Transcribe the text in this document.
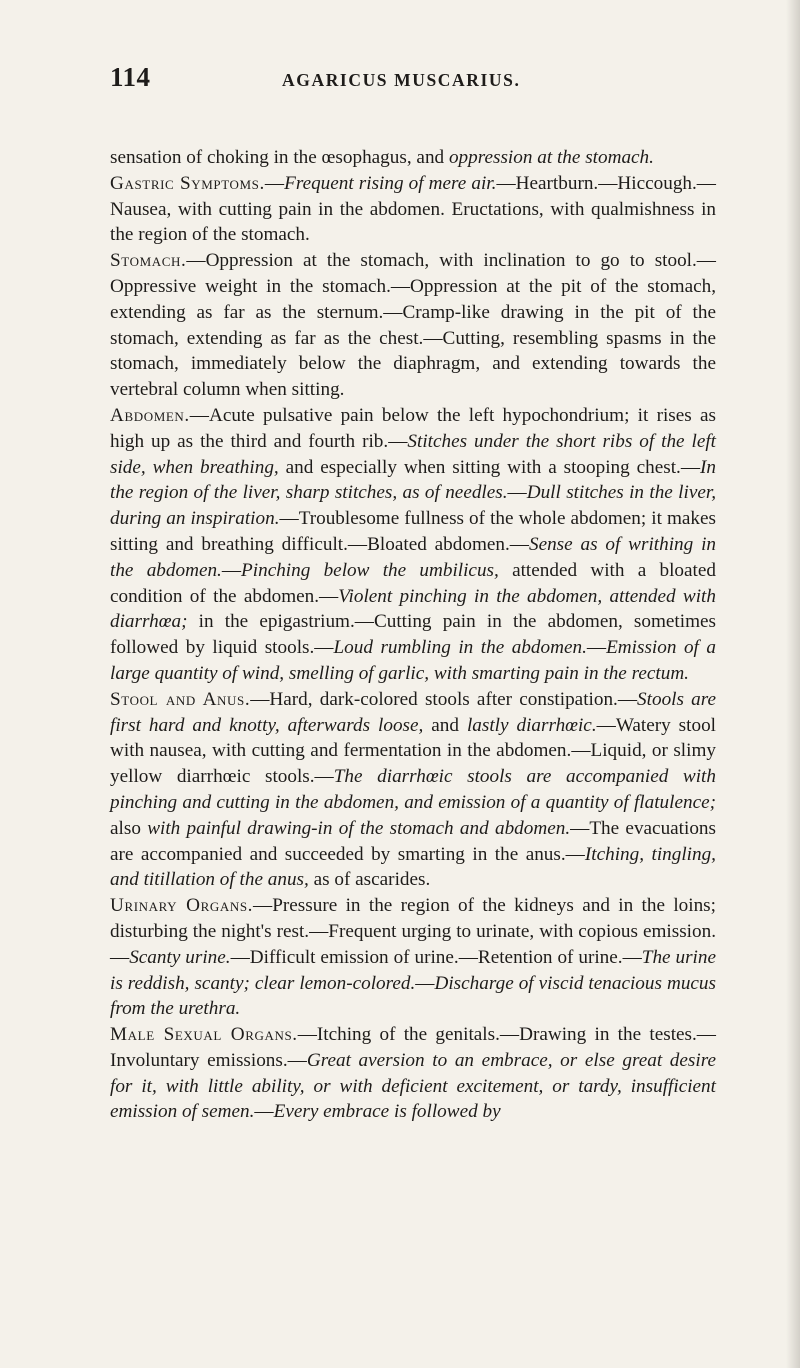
114	AGARICUS MUSCARIUS.

sensation of choking in the œsophagus, and oppression at the stomach.

Gastric Symptoms.—Frequent rising of mere air.—Heartburn.—Hiccough.—Nausea, with cutting pain in the abdomen. Eructations, with qualmishness in the region of the stomach.

Stomach.—Oppression at the stomach, with inclination to go to stool.—Oppressive weight in the stomach.—Oppression at the pit of the stomach, extending as far as the sternum.—Cramp-like drawing in the pit of the stomach, extending as far as the chest.—Cutting, resembling spasms in the stomach, immediately below the diaphragm, and extending towards the vertebral column when sitting.

Abdomen.—Acute pulsative pain below the left hypochondrium; it rises as high up as the third and fourth rib.—Stitches under the short ribs of the left side, when breathing, and especially when sitting with a stooping chest.—In the region of the liver, sharp stitches, as of needles.—Dull stitches in the liver, during an inspiration.—Troublesome fullness of the whole abdomen; it makes sitting and breathing difficult.—Bloated abdomen.—Sense as of writhing in the abdomen.—Pinching below the umbilicus, attended with a bloated condition of the abdomen.—Violent pinching in the abdomen, attended with diarrhœa; in the epigastrium.—Cutting pain in the abdomen, sometimes followed by liquid stools.—Loud rumbling in the abdomen.—Emission of a large quantity of wind, smelling of garlic, with smarting pain in the rectum.

Stool and Anus.—Hard, dark-colored stools after constipation.—Stools are first hard and knotty, afterwards loose, and lastly diarrhœic.—Watery stool with nausea, with cutting and fermentation in the abdomen.—Liquid, or slimy yellow diarrhœic stools.—The diarrhœic stools are accompanied with pinching and cutting in the abdomen, and emission of a quantity of flatulence; also with painful drawing-in of the stomach and abdomen.—The evacuations are accompanied and succeeded by smarting in the anus.—Itching, tingling, and titillation of the anus, as of ascarides.

Urinary Organs.—Pressure in the region of the kidneys and in the loins; disturbing the night's rest.—Frequent urging to urinate, with copious emission.—Scanty urine.—Difficult emission of urine.—Retention of urine.—The urine is reddish, scanty; clear lemon-colored.—Discharge of viscid tenacious mucus from the urethra.

Male Sexual Organs.—Itching of the genitals.—Drawing in the testes.—Involuntary emissions.—Great aversion to an embrace, or else great desire for it, with little ability, or with deficient excitement, or tardy, insufficient emission of semen.—Every embrace is followed by
